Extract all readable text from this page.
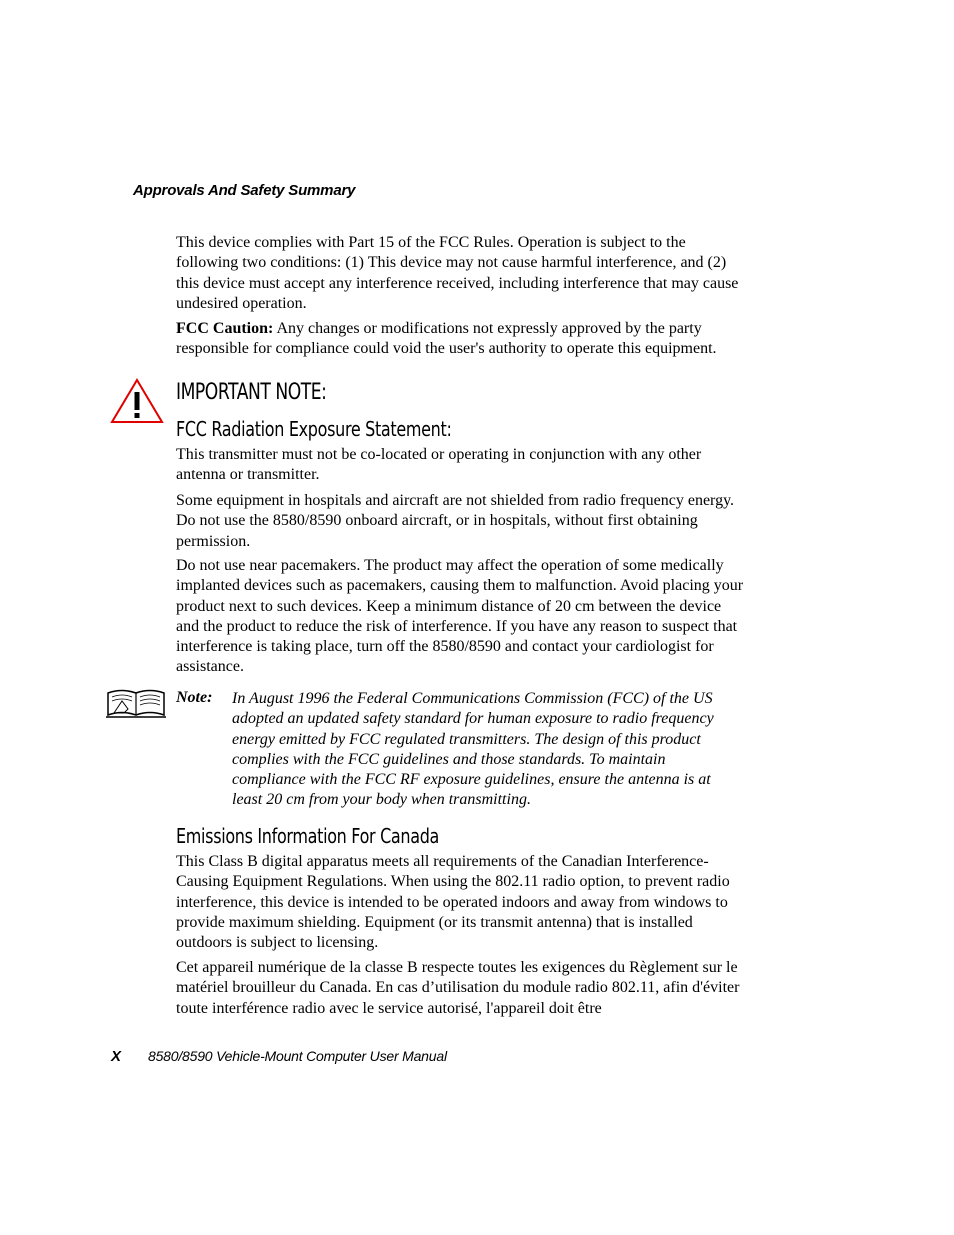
Approvals And Safety Summary

This device complies with Part 15 of the FCC Rules. Operation is subject to the following two conditions: (1) This device may not cause harmful interference, and (2) this device must accept any interference received, including interference that may cause undesired operation.

FCC Caution: Any changes or modifications not expressly approved by the party responsible for compliance could void the user's authority to operate this equipment.

IMPORTANT NOTE:
FCC Radiation Exposure Statement:

This transmitter must not be co-located or operating in conjunction with any other antenna or transmitter.

Some equipment in hospitals and aircraft are not shielded from radio frequency energy. Do not use the 8580/8590 onboard aircraft, or in hospitals, without first obtaining permission.

Do not use near pacemakers. The product may affect the operation of some medically implanted devices such as pacemakers, causing them to malfunction. Avoid placing your product next to such devices. Keep a minimum distance of 20 cm between the device and the product to reduce the risk of interference. If you have any reason to suspect that interference is taking place, turn off the 8580/8590 and contact your cardiologist for assistance.

Note: In August 1996 the Federal Communications Commission (FCC) of the US adopted an updated safety standard for human exposure to radio frequency energy emitted by FCC regulated transmitters. The design of this product complies with the FCC guidelines and those standards. To maintain compliance with the FCC RF exposure guidelines, ensure the antenna is at least 20 cm from your body when transmitting.
Emissions Information For Canada

This Class B digital apparatus meets all requirements of the Canadian Interference-Causing Equipment Regulations. When using the 802.11 radio option, to prevent radio interference, this device is intended to be operated indoors and away from windows to provide maximum shielding. Equipment (or its transmit antenna) that is installed outdoors is subject to licensing.

Cet appareil numérique de la classe B respecte toutes les exigences du Règlement sur le matériel brouilleur du Canada. En cas d’utilisation du module radio 802.11, afin d'éviter toute interférence radio avec le service autorisé, l'appareil doit être

X 8580/8590 Vehicle-Mount Computer User Manual
